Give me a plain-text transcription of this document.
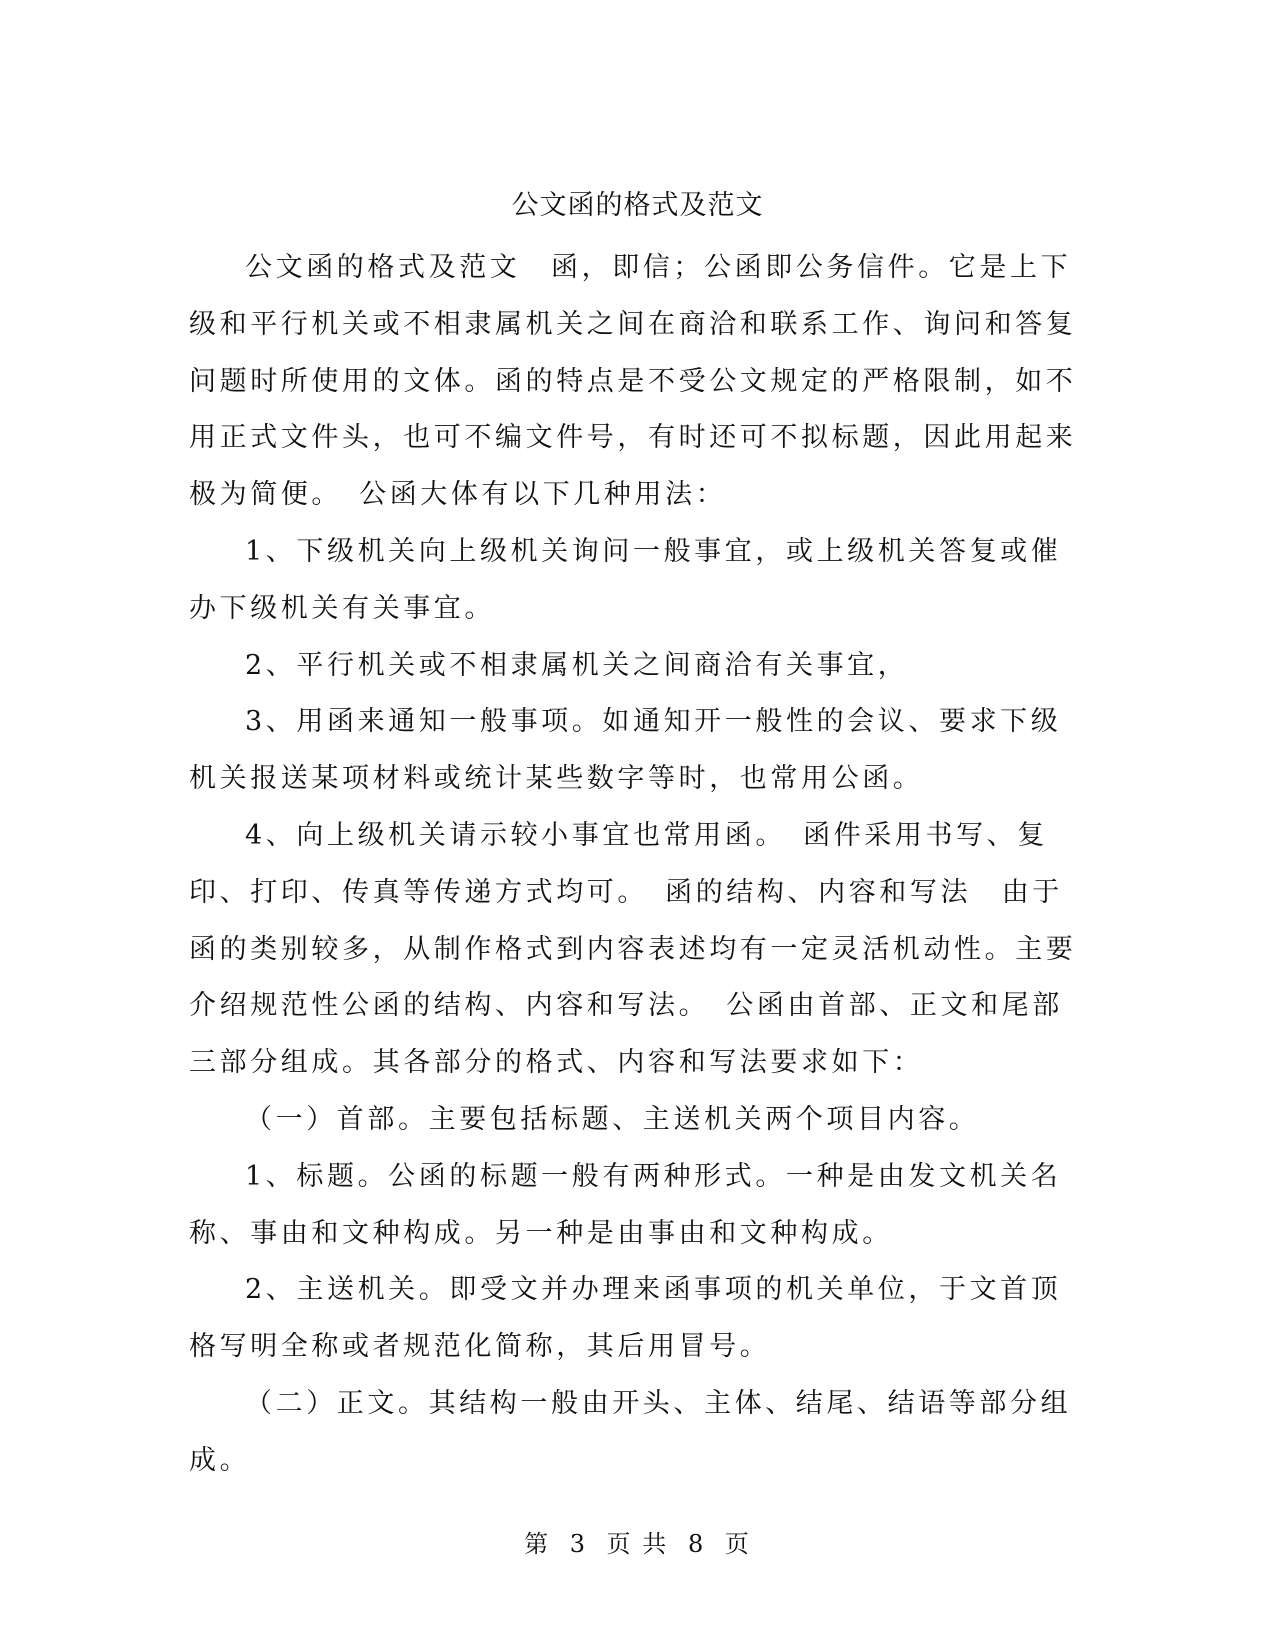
公文函的格式及范文

公文函的格式及范文　函，即信；公函即公务信件。它是上下级和平行机关或不相隶属机关之间在商洽和联系工作、询问和答复问题时所使用的文体。函的特点是不受公文规定的严格限制，如不用正式文件头，也可不编文件号，有时还可不拟标题，因此用起来极为简便。　公函大体有以下几种用法：

1、下级机关向上级机关询问一般事宜，或上级机关答复或催办下级机关有关事宜。

2、平行机关或不相隶属机关之间商洽有关事宜，

3、用函来通知一般事项。如通知开一般性的会议、要求下级机关报送某项材料或统计某些数字等时，也常用公函。

4、向上级机关请示较小事宜也常用函。　函件采用书写、复印、打印、传真等传递方式均可。　函的结构、内容和写法　由于函的类别较多，从制作格式到内容表述均有一定灵活机动性。主要介绍规范性公函的结构、内容和写法。　公函由首部、正文和尾部三部分组成。其各部分的格式、内容和写法要求如下：

（一）首部。主要包括标题、主送机关两个项目内容。

1、标题。公函的标题一般有两种形式。一种是由发文机关名称、事由和文种构成。另一种是由事由和文种构成。

2、主送机关。即受文并办理来函事项的机关单位，于文首顶格写明全称或者规范化简称，其后用冒号。

（二）正文。其结构一般由开头、主体、结尾、结语等部分组成。

第 3 页 共 8 页
